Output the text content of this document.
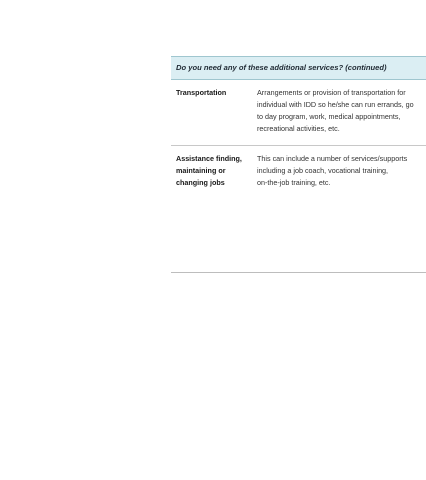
Do you need any of these additional services? (continued)
Transportation	Arrangements or provision of transportation for
individual with IDD so he/she can run errands, go
to day program, work, medical appointments,
recreational activities, etc.
Assistance finding,
maintaining or
changing jobs
This can include a number of services/supports
including a job coach, vocational training,
on-the-job training, etc.
